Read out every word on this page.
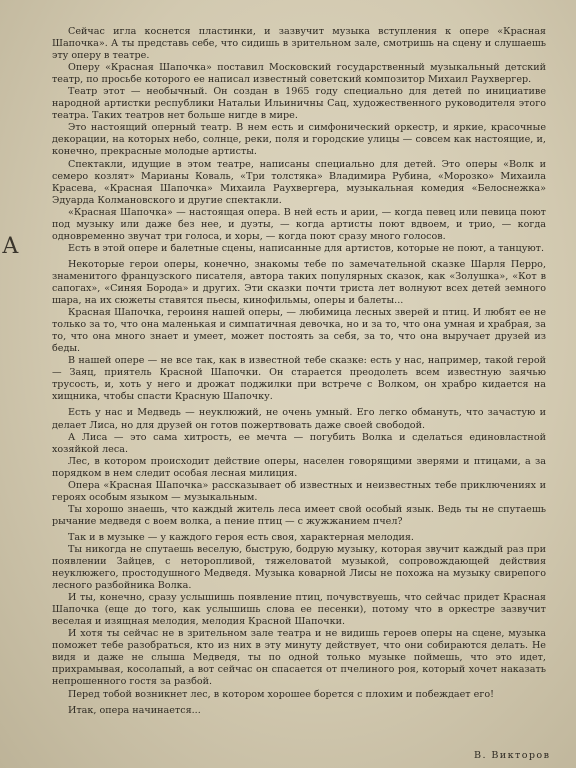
А

Сейчас игла коснется пластинки, и зазвучит музыка вступления к опере «Красная Шапочка». А ты представь себе, что сидишь в зрительном зале, смотришь на сцену и слушаешь эту оперу в театре.

Оперу «Красная Шапочка» поставил Московский государственный музыкальный детский театр, по просьбе которого ее написал известный советский композитор Михаил Раухвергер.

Театр этот — необычный. Он создан в 1965 году специально для детей по инициативе народной артистки республики Натальи Ильиничны Сац, художественного руководителя этого театра. Таких театров нет больше нигде в мире.

Это настоящий оперный театр. В нем есть и симфонический оркестр, и яркие, красочные декорации, на которых небо, солнце, реки, поля и городские улицы — совсем как настоящие, и, конечно, прекрасные молодые артисты.

Спектакли, идущие в этом театре, написаны специально для детей. Это оперы «Волк и семеро козлят» Марианы Коваль, «Три толстяка» Владимира Рубина, «Морозко» Михаила Красева, «Красная Шапочка» Михаила Раухвергера, музыкальная комедия «Белоснежка» Эдуарда Колмановского и другие спектакли.

«Красная Шапочка» — настоящая опера. В ней есть и арии, — когда певец или певица поют под музыку или даже без нее, и дуэты, — когда артисты поют вдвоем, и трио, — когда одновременно звучат три голоса, и хоры, — когда поют сразу много голосов.

Есть в этой опере и балетные сцены, написанные для артистов, которые не поют, а танцуют.

Некоторые герои оперы, конечно, знакомы тебе по замечательной сказке Шарля Перро, знаменитого французского писателя, автора таких популярных сказок, как «Золушка», «Кот в сапогах», «Синяя Борода» и других. Эти сказки почти триста лет волнуют всех детей земного шара, на их сюжеты ставятся пьесы, кинофильмы, оперы и балеты...

Красная Шапочка, героиня нашей оперы, — любимица лесных зверей и птиц. И любят ее не только за то, что она маленькая и симпатичная девочка, но и за то, что она умная и храбрая, за то, что она много знает и умеет, может постоять за себя, за то, что она выручает друзей из беды.

В нашей опере — не все так, как в известной тебе сказке: есть у нас, например, такой герой — Заяц, приятель Красной Шапочки. Он старается преодолеть всем известную заячью трусость, и, хоть у него и дрожат поджилки при встрече с Волком, он храбро кидается на хищника, чтобы спасти Красную Шапочку.

Есть у нас и Медведь — неуклюжий, не очень умный. Его легко обмануть, что зачастую и делает Лиса, но для друзей он готов пожертвовать даже своей свободой.

А Лиса — это сама хитрость, ее мечта — погубить Волка и сделаться единовластной хозяйкой леса.

Лес, в котором происходит действие оперы, населен говорящими зверями и птицами, а за порядком в нем следит особая лесная милиция.

Опера «Красная Шапочка» рассказывает об известных и неизвестных тебе приключениях и героях особым языком — музыкальным.

Ты хорошо знаешь, что каждый житель леса имеет свой особый язык. Ведь ты не спутаешь рычание медведя с воем волка, а пение птиц — с жужжанием пчел?

Так и в музыке — у каждого героя есть своя, характерная мелодия.

Ты никогда не спутаешь веселую, быструю, бодрую музыку, которая звучит каждый раз при появлении Зайцев, с неторопливой, тяжеловатой музыкой, сопровождающей действия неуклюжего, простодушного Медведя. Музыка коварной Лисы не похожа на музыку свирепого лесного разбойника Волка.

И ты, конечно, сразу услышишь появление птиц, почувствуешь, что сейчас придет Красная Шапочка (еще до того, как услышишь слова ее песенки), потому что в оркестре зазвучит веселая и изящная мелодия, мелодия Красной Шапочки.

И хотя ты сейчас не в зрительном зале театра и не видишь героев оперы на сцене, музыка поможет тебе разобраться, кто из них в эту минуту действует, что они собираются делать. Не видя и даже не слыша Медведя, ты по одной только музыке поймешь, что это идет, прихрамывая, косолапый, а вот сейчас он спасается от пчелиного роя, который хочет наказать непрошенного гостя за разбой.

Перед тобой возникнет лес, в котором хорошее борется с плохим и побеждает его!

Итак, опера начинается...

В. Викторов
